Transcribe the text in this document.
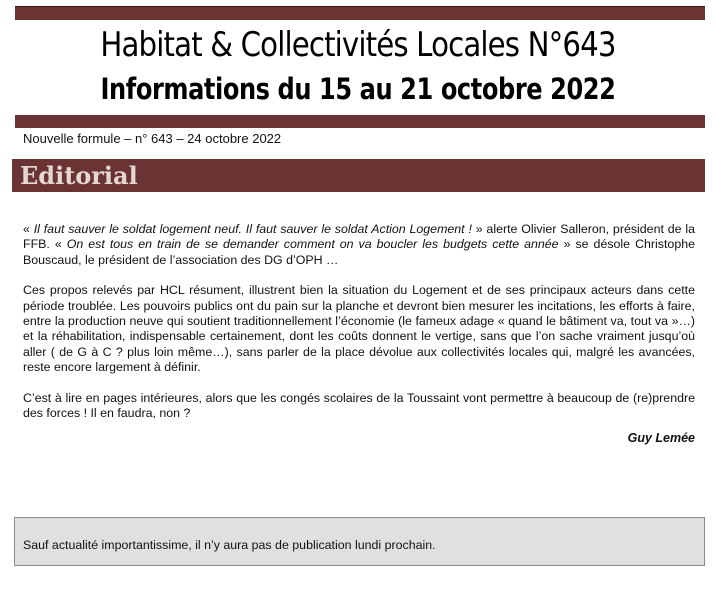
Habitat & Collectivités Locales N°643
Informations du 15 au 21 octobre 2022
Nouvelle formule – n° 643 – 24 octobre 2022
Editorial

« Il faut sauver le soldat logement neuf. Il faut sauver le soldat Action Logement ! » alerte Olivier Salleron, président de la FFB. « On est tous en train de se demander comment on va boucler les budgets cette année » se désole Christophe Bouscaud, le président de l’association des DG d’OPH …

Ces propos relevés par HCL résument, illustrent bien la situation du Logement et de ses principaux acteurs dans cette période troublée. Les pouvoirs publics ont du pain sur la planche et devront bien mesurer les incitations, les efforts à faire, entre la production neuve qui soutient traditionnellement l’économie (le fameux adage « quand le bâtiment va, tout va »…) et la réhabilitation, indispensable certainement, dont les coûts donnent le vertige, sans que l’on sache vraiment jusqu’où aller ( de G à C ? plus loin même…), sans parler de la place dévolue aux collectivités locales qui, malgré les avancées, reste encore largement à définir.

C’est à lire en pages intérieures, alors que les congés scolaires de la Toussaint vont permettre à beaucoup de (re)prendre des forces ! Il en faudra, non ?

Guy Lemée
Sauf actualité importantissime, il n’y aura pas de publication lundi prochain.
